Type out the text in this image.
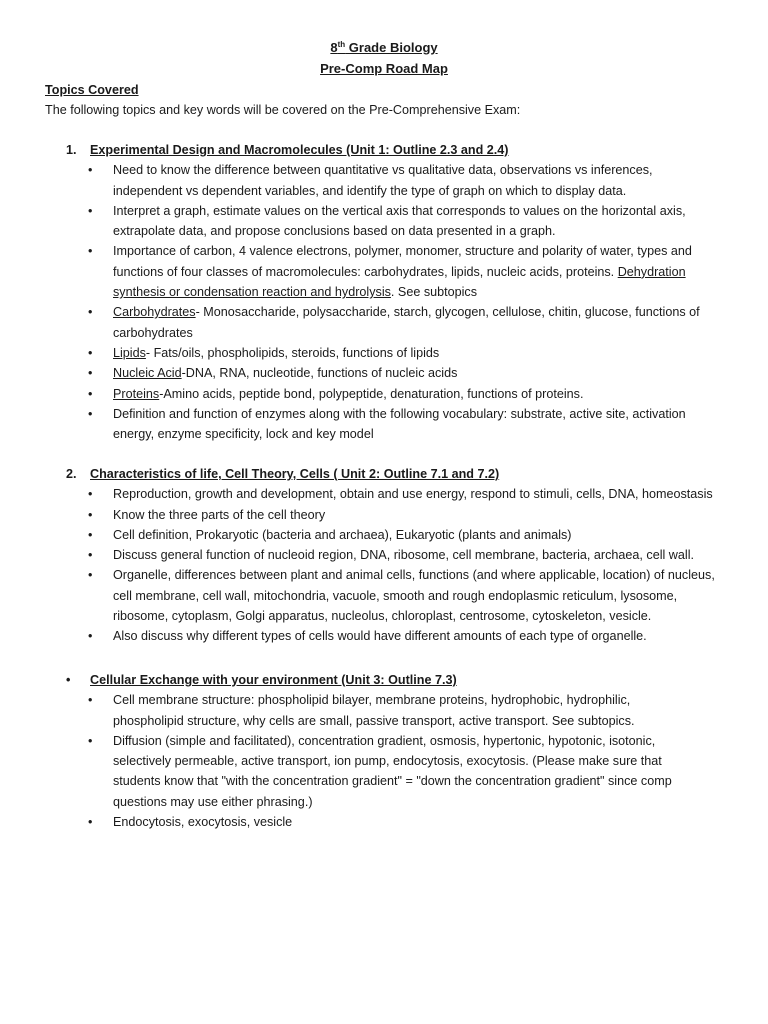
8th Grade Biology
Pre-Comp Road Map
Topics Covered
The following topics and key words will be covered on the Pre-Comprehensive Exam:
1.	Experimental Design and Macromolecules (Unit 1: Outline 2.3 and 2.4)
• Need to know the difference between quantitative vs qualitative data, observations vs inferences, independent vs dependent variables, and identify the type of graph on which to display data.
• Interpret a graph, estimate values on the vertical axis that corresponds to values on the horizontal axis, extrapolate data, and propose conclusions based on data presented in a graph.
• Importance of carbon, 4 valence electrons, polymer, monomer, structure and polarity of water, types and functions of four classes of macromolecules: carbohydrates, lipids, nucleic acids, proteins. Dehydration synthesis or condensation reaction and hydrolysis. See subtopics
• Carbohydrates- Monosaccharide, polysaccharide, starch, glycogen, cellulose, chitin, glucose, functions of carbohydrates
• Lipids- Fats/oils, phospholipids, steroids, functions of lipids
• Nucleic Acid-DNA, RNA, nucleotide, functions of nucleic acids
• Proteins-Amino acids, peptide bond, polypeptide, denaturation, functions of proteins.
• Definition and function of enzymes along with the following vocabulary: substrate, active site, activation energy, enzyme specificity, lock and key model
2.	Characteristics of life, Cell Theory, Cells ( Unit 2: Outline 7.1 and 7.2)
• Reproduction, growth and development, obtain and use energy, respond to stimuli, cells, DNA, homeostasis
• Know the three parts of the cell theory
• Cell definition, Prokaryotic (bacteria and archaea), Eukaryotic (plants and animals)
• Discuss general function of nucleoid region, DNA, ribosome, cell membrane, bacteria, archaea, cell wall.
• Organelle, differences between plant and animal cells, functions (and where applicable, location) of nucleus, cell membrane, cell wall, mitochondria, vacuole, smooth and rough endoplasmic reticulum, lysosome, ribosome, cytoplasm, Golgi apparatus, nucleolus, chloroplast, centrosome, cytoskeleton, vesicle.
• Also discuss why different types of cells would have different amounts of each type of organelle.
•	Cellular Exchange with your environment (Unit 3: Outline 7.3)
• Cell membrane structure: phospholipid bilayer, membrane proteins, hydrophobic, hydrophilic, phospholipid structure, why cells are small, passive transport, active transport. See subtopics.
• Diffusion (simple and facilitated), concentration gradient, osmosis, hypertonic, hypotonic, isotonic, selectively permeable, active transport, ion pump, endocytosis, exocytosis. (Please make sure that students know that "with the concentration gradient" = "down the concentration gradient" since comp questions may use either phrasing.)
• Endocytosis, exocytosis, vesicle
